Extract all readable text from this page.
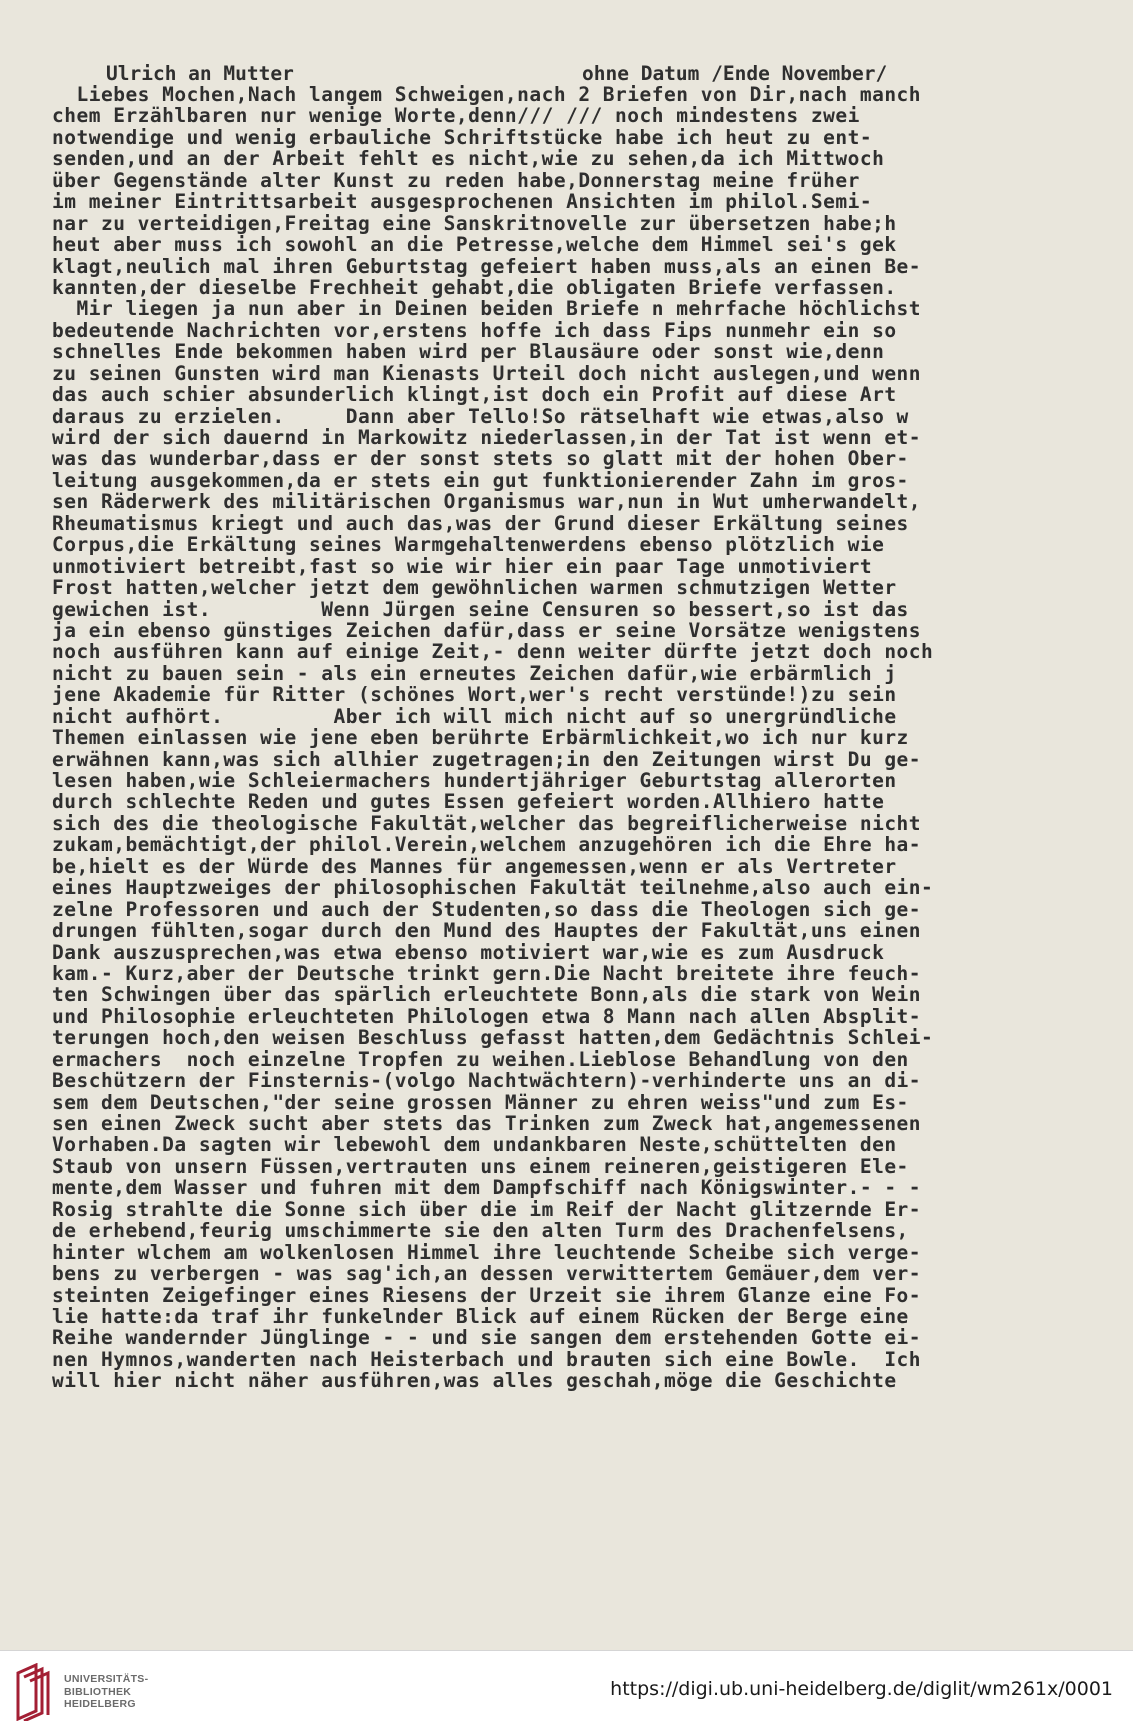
Ulrich an Mutter	ohne Datum /Ende November/
Liebes Mochen,Nach langem Schweigen,nach 2 Briefen von Dir,nach manch
chem Erzählbaren nur wenige Worte,denn/// /// noch mindestens zwei
notwendige und wenig erbauliche Schriftstücke habe ich heut zu ent-
senden,und an der Arbeit fehlt es nicht,wie zu sehen,da ich Mittwoch
über Gegenstände alter Kunst zu reden habe,Donnerstag meine früher
im meiner Eintrittsarbeit ausgesprochenen Ansichten im philol.Semi-
nar zu verteidigen,Freitag eine Sanskritnovelle zur übersetzen habe;h
heut aber muss ich sowohl an die Petresse,welche dem Himmel sei's gek
klagt,neulich mal ihren Geburtstag gefeiert haben muss,als an einen Be-
kannten,der dieselbe Frechheit gehabt,die obligaten Briefe verfassen.
Mir liegen ja nun aber in Deinen beiden Briefe n mehrfache höchlichst
bedeutende Nachrichten vor,erstens hoffe ich dass Fips nunmehr ein so
schnelles Ende bekommen haben wird per Blausäure oder sonst wie,denn
zu seinen Gunsten wird man Kienasts Urteil doch nicht auslegen,und wenn
das auch schier absunderlich klingt,ist doch ein Profit auf diese Art
daraus zu erzielen.     Dann aber Tello!So rätselhaft wie etwas,also w
wird der sich dauernd in Markowitz niederlassen,in der Tat ist wenn et-
was das wunderbar,dass er der sonst stets so glatt mit der hohen Ober-
leitung ausgekommen,da er stets ein gut funktionierender Zahn im gros-
sen Räderwerk des militärischen Organismus war,nun in Wut umherwandelt,
Rheumatismus kriegt und auch das,was der Grund dieser Erkältung seines
Corpus,die Erkältung seines Warmgehaltenwerdens ebenso plötzlich wie
unmotiviert betreibt,fast so wie wir hier ein paar Tage unmotiviert
Frost hatten,welcher jetzt dem gewöhnlichen warmen schmutzigen Wetter
gewichen ist.         Wenn Jürgen seine Censuren so bessert,so ist das
ja ein ebenso günstiges Zeichen dafür,dass er seine Vorsätze wenigstens
noch ausführen kann auf einige Zeit,- denn weiter dürfte jetzt doch noch
nicht zu bauen sein - als ein erneutes Zeichen dafür,wie erbärmlich j
jene Akademie für Ritter (schönes Wort,wer's recht verstünde!)zu sein
nicht aufhört.         Aber ich will mich nicht auf so unergründliche
Themen einlassen wie jene eben berührte Erbärmlichkeit,wo ich nur kurz
erwähnen kann,was sich allhier zugetragen;in den Zeitungen wirst Du ge-
lesen haben,wie Schleiermachers hundertjähriger Geburtstag allerorten
durch schlechte Reden und gutes Essen gefeiert worden.Allhiero hatte
sich des die theologische Fakultät,welcher das begreiflicherweise nicht
zukam,bemächtigt,der philol.Verein,welchem anzugehören ich die Ehre ha-
be,hielt es der Würde des Mannes für angemessen,wenn er als Vertreter
eines Hauptzweiges der philosophischen Fakultät teilnehme,also auch ein-
zelne Professoren und auch der Studenten,so dass die Theologen sich ge-
drungen fühlten,sogar durch den Mund des Hauptes der Fakultät,uns einen
Dank auszusprechen,was etwa ebenso motiviert war,wie es zum Ausdruck
kam.- Kurz,aber der Deutsche trinkt gern.Die Nacht breitete ihre feuch-
ten Schwingen über das spärlich erleuchtete Bonn,als die stark von Wein
und Philosophie erleuchteten Philologen etwa 8 Mann nach allen Absplit-
terungen hoch,den weisen Beschluss gefasst hatten,dem Gedächtnis Schlei-
ermachers  noch einzelne Tropfen zu weihen.Lieblose Behandlung von den
Beschützern der Finsternis-(volgo Nachtwächtern)-verhinderte uns an di-
sem dem Deutschen,"der seine grossen Männer zu ehren weiss"und zum Es-
sen einen Zweck sucht aber stets das Trinken zum Zweck hat,angemessenen
Vorhaben.Da sagten wir lebewohl dem undankbaren Neste,schüttelten den
Staub von unsern Füssen,vertrauten uns einem reineren,geistigeren Ele-
mente,dem Wasser und fuhren mit dem Dampfschiff nach Königswinter.- - -
Rosig strahlte die Sonne sich über die im Reif der Nacht glitzernde Er-
de erhebend,feurig umschimmerte sie den alten Turm des Drachenfelsens,
hinter wlchem am wolkenlosen Himmel ihre leuchtende Scheibe sich verge-
bens zu verbergen - was sag'ich,an dessen verwittertem Gemäuer,dem ver-
steinten Zeigefinger eines Riesens der Urzeit sie ihrem Glanze eine Fo-
lie hatte:da traf ihr funkelnder Blick auf einem Rücken der Berge eine
Reihe wandernder Jünglinge - - und sie sangen dem erstehenden Gotte ei-
nen Hymnos,wanderten nach Heisterbach und brauten sich eine Bowle.  Ich
will hier nicht näher ausführen,was alles geschah,möge die Geschichte
UNIVERSITÄTS-
BIBLIOTHEK
HEIDELBERG
https://digi.ub.uni-heidelberg.de/diglit/wm261x/0001
